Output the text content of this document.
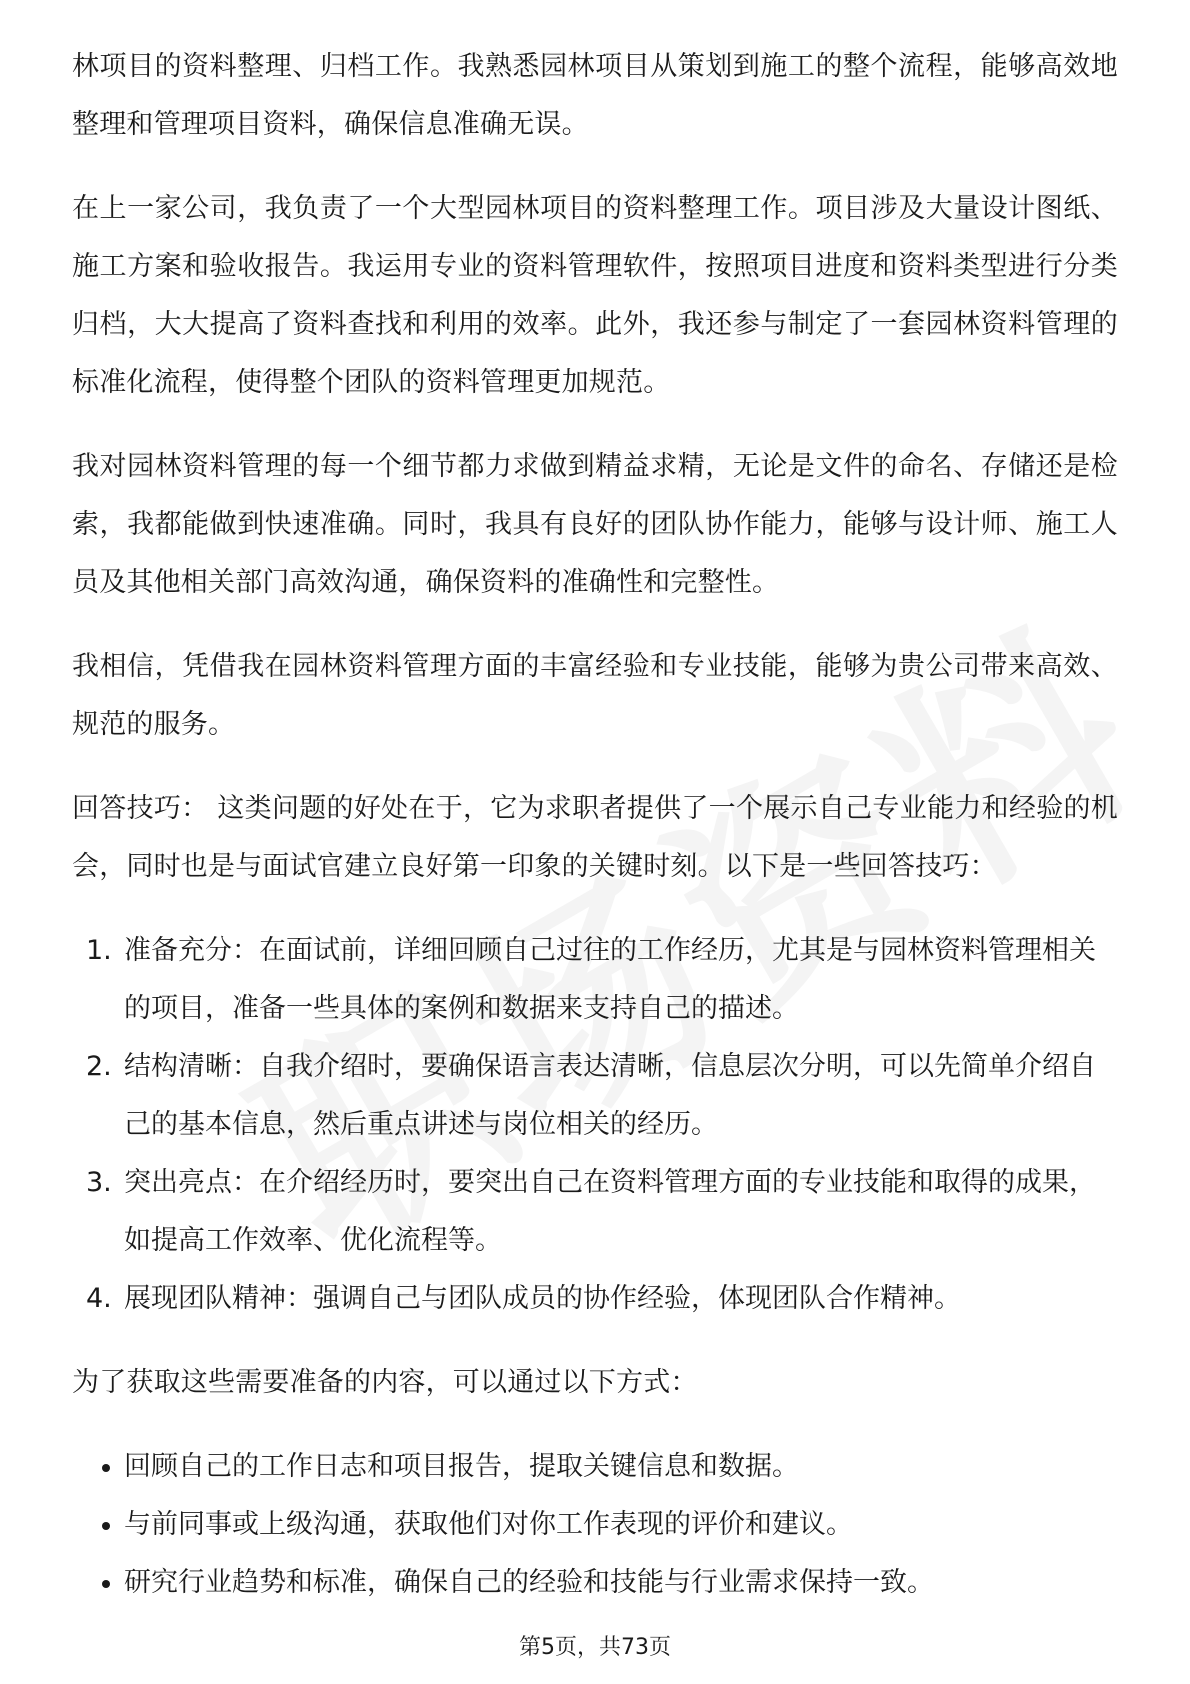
林项目的资料整理、归档工作。我熟悉园林项目从策划到施工的整个流程，能够高效地整理和管理项目资料，确保信息准确无误。

在上一家公司，我负责了一个大型园林项目的资料整理工作。项目涉及大量设计图纸、施工方案和验收报告。我运用专业的资料管理软件，按照项目进度和资料类型进行分类归档，大大提高了资料查找和利用的效率。此外，我还参与制定了一套园林资料管理的标准化流程，使得整个团队的资料管理更加规范。

我对园林资料管理的每一个细节都力求做到精益求精，无论是文件的命名、存储还是检索，我都能做到快速准确。同时，我具有良好的团队协作能力，能够与设计师、施工人员及其他相关部门高效沟通，确保资料的准确性和完整性。

我相信，凭借我在园林资料管理方面的丰富经验和专业技能，能够为贵公司带来高效、规范的服务。

回答技巧： 这类问题的好处在于，它为求职者提供了一个展示自己专业能力和经验的机会，同时也是与面试官建立良好第一印象的关键时刻。以下是一些回答技巧：

1. 准备充分：在面试前，详细回顾自己过往的工作经历，尤其是与园林资料管理相关的项目，准备一些具体的案例和数据来支持自己的描述。
2. 结构清晰：自我介绍时，要确保语言表达清晰，信息层次分明，可以先简单介绍自己的基本信息，然后重点讲述与岗位相关的经历。
3. 突出亮点：在介绍经历时，要突出自己在资料管理方面的专业技能和取得的成果，如提高工作效率、优化流程等。
4. 展现团队精神：强调自己与团队成员的协作经验，体现团队合作精神。

为了获取这些需要准备的内容，可以通过以下方式：

回顾自己的工作日志和项目报告，提取关键信息和数据。
与前同事或上级沟通，获取他们对你工作表现的评价和建议。
研究行业趋势和标准，确保自己的经验和技能与行业需求保持一致。
第5页，共73页
